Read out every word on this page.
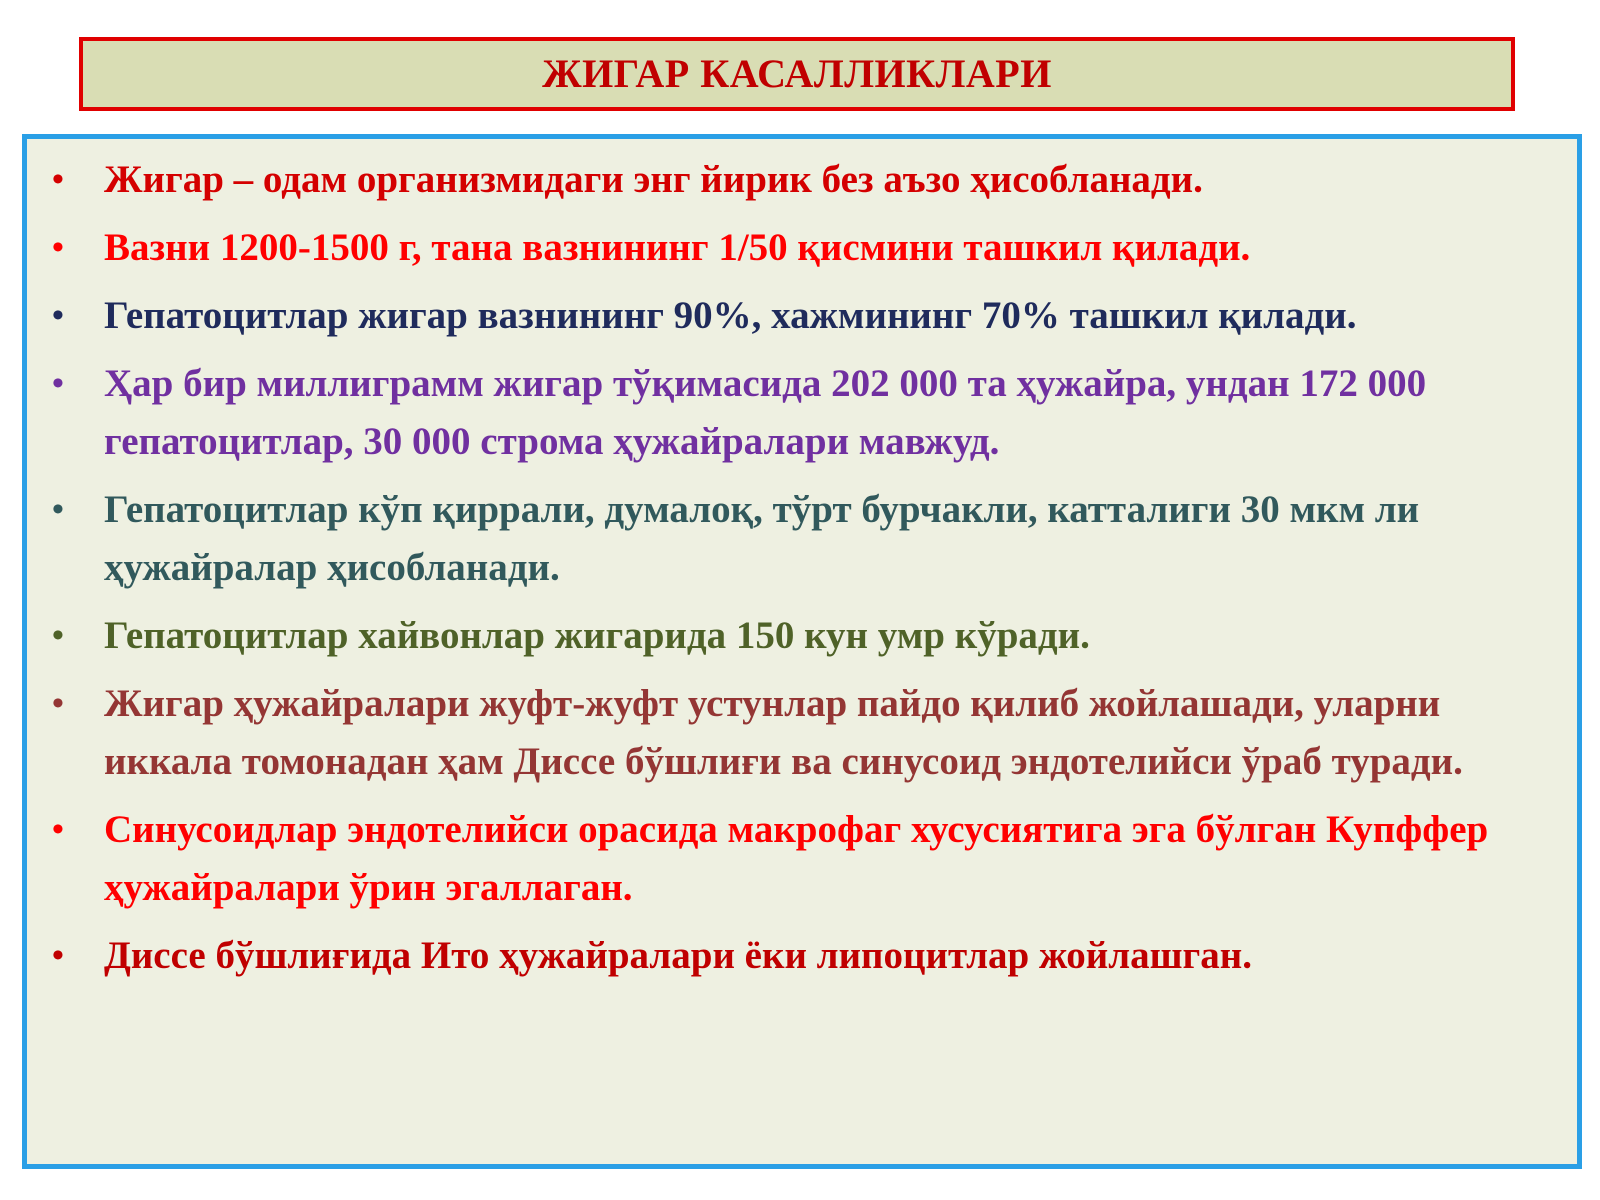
ЖИГАР КАСАЛЛИКЛАРИ
• Жигар – одам организмидаги энг йирик без аъзо ҳисобланади.
• Вазни 1200-1500 г, тана вазнининг 1/50 қисмини ташкил қилади.
• Гепатоцитлар жигар вазнининг 90%, хажмининг 70% ташкил қилади.
• Ҳар бир миллиграмм жигар тўқимасида 202 000 та ҳужайра, ундан 172 000 гепатоцитлар, 30 000 строма ҳужайралари мавжуд.
• Гепатоцитлар кўп қиррали, думалоқ, тўрт бурчакли, катталиги 30 мкм ли ҳужайралар ҳисобланади.
• Гепатоцитлар хайвонлар жигарида 150 кун умр кўради.
• Жигар ҳужайралари жуфт-жуфт устунлар пайдо қилиб жойлашади, уларни иккала томонадан ҳам Диссе бўшлиғи ва синусоид эндотелийси ўраб туради.
• Синусоидлар эндотелийси орасида макрофаг хусусиятига эга бўлган Купффер ҳужайралари ўрин эгаллаган.
• Диссе бўшлиғида Ито ҳужайралари ёки липоцитлар жойлашган.
